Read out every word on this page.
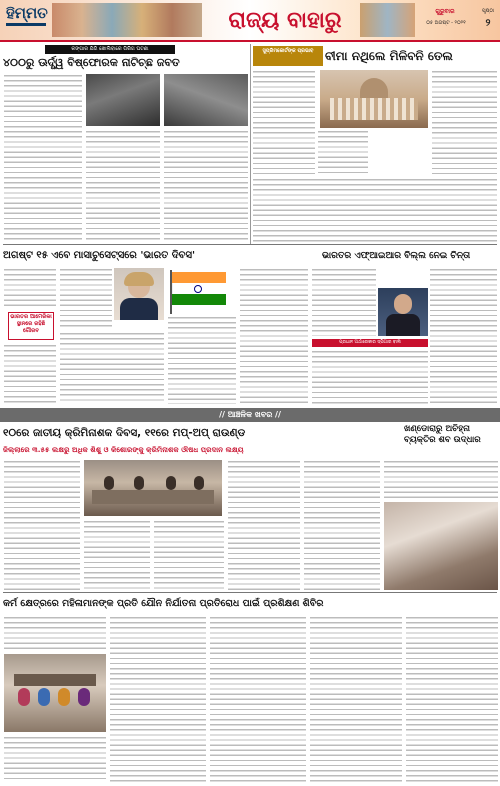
ହିମ୍ମତ	ରାଜ୍ୟ ବାହାରୁ	ଗୁରୁବାର
୦୫ ଅଗଷ୍ଟ - ୨୦୨୧
ପୃଷ୍ଠା
୨
କଙ୍ଗାର ଯିଗି ଖୋଲିବାରେ ଗିରିଗ ଘଟଣା
୪୦୦ରୁ ଊର୍ଦ୍ଧ୍ୱ ବିଷ୍ଫୋରକ ନାଟିଚ୍ଛ ଜବତ
ସୁପ୍ରିମକୋର୍ଟଙ୍କ ପ୍ରଭାବ ବୀମା ନଥିଲେ ମିଳିବନି ତେଲ
ଅଗଷ୍ଟ ୧୫ ଏବେ ମାସାଚୁସେଟ୍ସରେ 'ଭାରତ ଦିବସ'
ଭାରତର ଆମେରିକା ସ୍ଥାନରେ ରହିଛି ଗୌରବ
ଭାରତର ଏଫ୍‌ଆଇଆର ବିଲ୍ଲ ନେଇ ଚିନ୍ତା
ପ୍ରଧାନ ଅର୍ଥାରେକାର ସ୍ପିଗାର ବାଲି
// ଆଞ୍ଚଳିକ ଖବର //
୧୦ରେ ଜାତୀୟ କ୍ରିମିନାଶକ ଦିବସ, ୧୧ରେ ମପ୍-ଅପ୍ ରାଉଣ୍ଡ
ଜିଲ୍ଲାରେ ୩.୫୫ ଲକ୍ଷରୁ ଅଧିକ ଶିଶୁ ଓ କିଶୋରଙ୍କୁ କ୍ରିମିନାଶକ ଔଷଧ ପ୍ରଦାନ ଲକ୍ଷ୍ୟ
ଖଣ୍ଡୋରାରୁ ଅଚିହ୍ନା ବ୍ୟକ୍ତିର ଶବ ଉଦ୍ଧାର
କର୍ମ କ୍ଷେତ୍ରରେ ମହିଳାମାନଙ୍କ ପ୍ରତି ଯୌନ ନିର୍ଯାତନା ପ୍ରତିରୋଧ ପାଇଁ ପ୍ରଶିକ୍ଷଣ ଶିବିର
